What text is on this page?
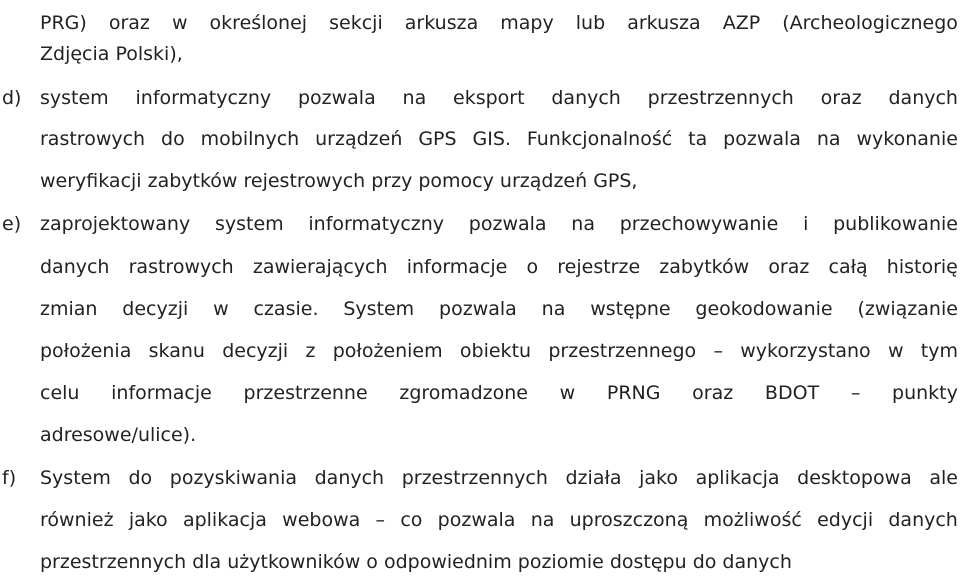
PRG) oraz w określonej sekcji arkusza mapy lub arkusza AZP (Archeologicznego
Zdjęcia Polski),
d) system informatyczny pozwala na eksport danych przestrzennych oraz danych
rastrowych do mobilnych urządzeń GPS GIS. Funkcjonalność ta pozwala na wykonanie
weryfikacji zabytków rejestrowych przy pomocy urządzeń GPS,
e) zaprojektowany system informatyczny pozwala na przechowywanie i publikowanie
danych rastrowych zawierających informacje o rejestrze zabytków oraz całą historię
zmian decyzji w czasie. System pozwala na wstępne geokodowanie (związanie
położenia skanu decyzji z położeniem obiektu przestrzennego – wykorzystano w tym
celu informacje przestrzenne zgromadzone w PRNG oraz BDOT – punkty
adresowe/ulice).
f) System do pozyskiwania danych przestrzennych działa jako aplikacja desktopowa ale
również jako aplikacja webowa – co pozwala na uproszczoną możliwość edycji danych
przestrzennych dla użytkowników o odpowiednim poziomie dostępu do danych
